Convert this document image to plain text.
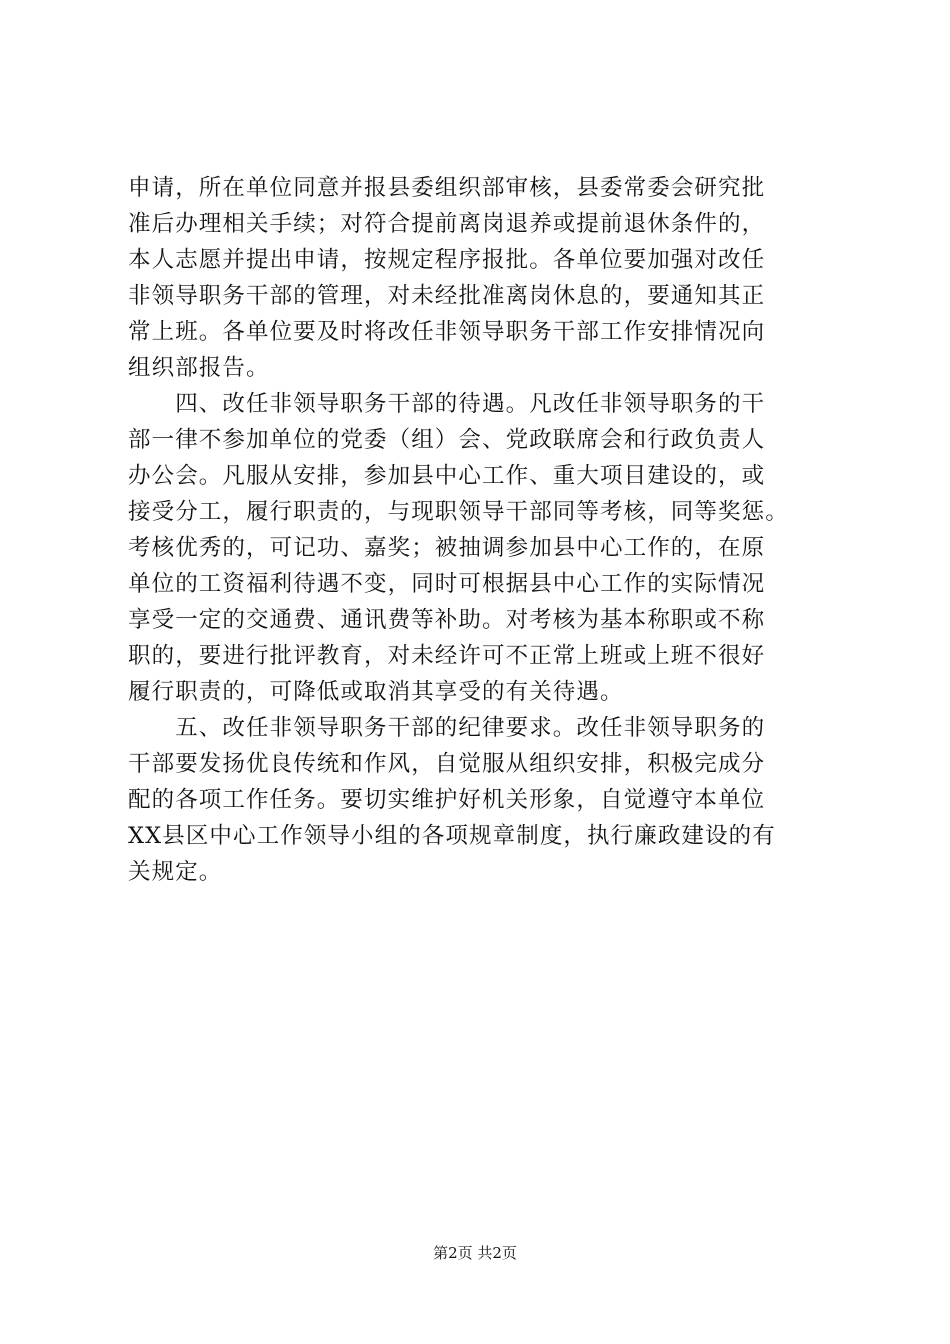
申请，所在单位同意并报县委组织部审核，县委常委会研究批
准后办理相关手续；对符合提前离岗退养或提前退休条件的，
本人志愿并提出申请，按规定程序报批。各单位要加强对改任
非领导职务干部的管理，对未经批准离岗休息的，要通知其正
常上班。各单位要及时将改任非领导职务干部工作安排情况向
组织部报告。
　　四、改任非领导职务干部的待遇。凡改任非领导职务的干
部一律不参加单位的党委（组）会、党政联席会和行政负责人
办公会。凡服从安排，参加县中心工作、重大项目建设的，或
接受分工，履行职责的，与现职领导干部同等考核，同等奖惩。
考核优秀的，可记功、嘉奖；被抽调参加县中心工作的，在原
单位的工资福利待遇不变，同时可根据县中心工作的实际情况
享受一定的交通费、通讯费等补助。对考核为基本称职或不称
职的，要进行批评教育，对未经许可不正常上班或上班不很好
履行职责的，可降低或取消其享受的有关待遇。
　　五、改任非领导职务干部的纪律要求。改任非领导职务的
干部要发扬优良传统和作风，自觉服从组织安排，积极完成分
配的各项工作任务。要切实维护好机关形象，自觉遵守本单位
XX县区中心工作领导小组的各项规章制度，执行廉政建设的有
关规定。
第2页 共2页
